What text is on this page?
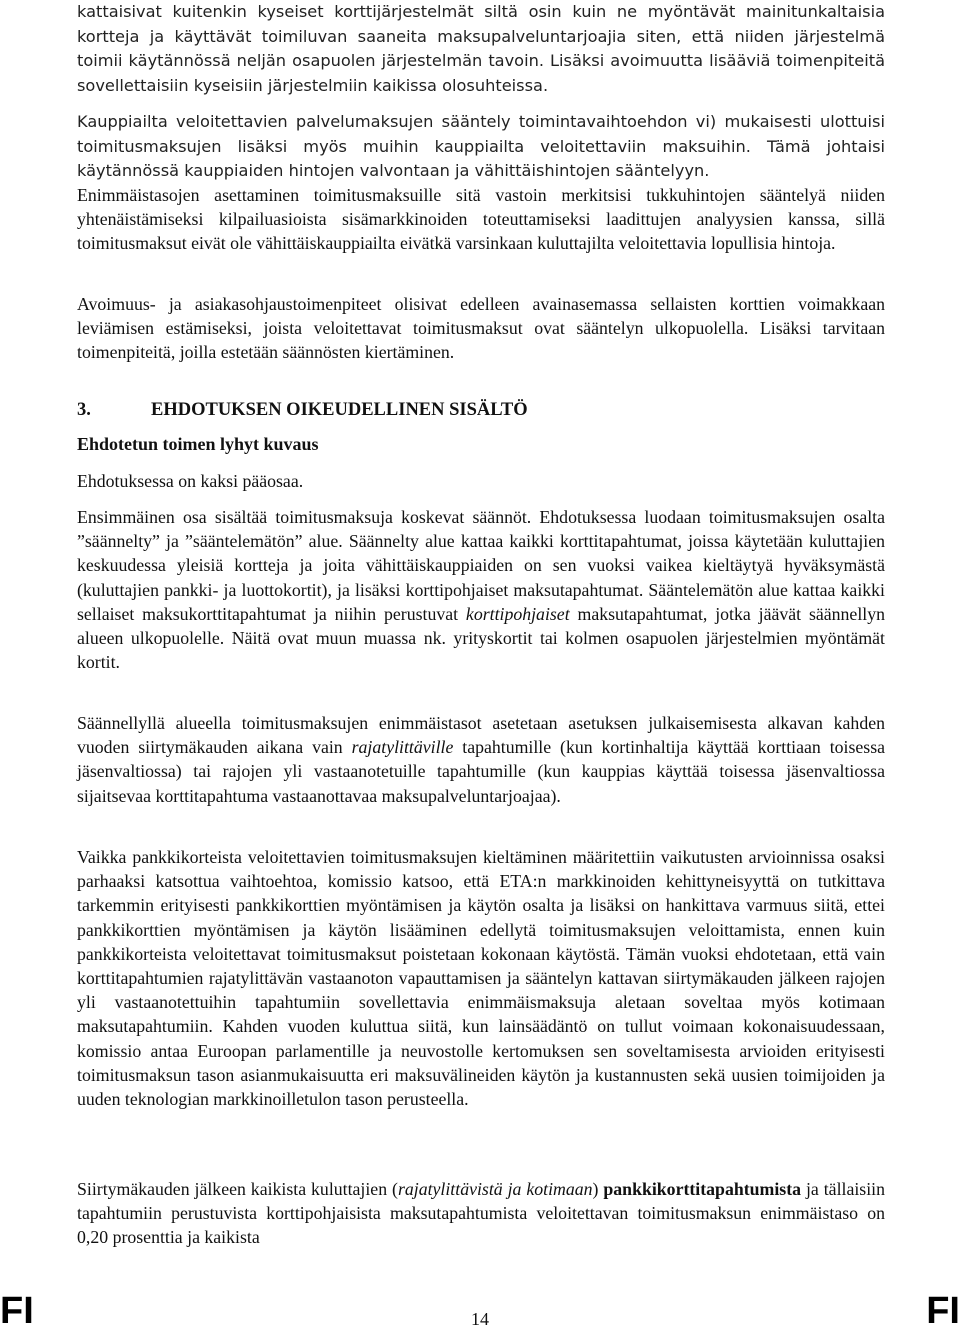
kattaisivat kuitenkin kyseiset korttijärjestelmät siltä osin kuin ne myöntävät mainitunkaltaisia kortteja ja käyttävät toimiluvan saaneita maksupalveluntarjoajia siten, että niiden järjestelmä toimii käytännössä neljän osapuolen järjestelmän tavoin. Lisäksi avoimuutta lisääviä toimenpiteitä sovellettaisiin kyseisiin järjestelmiin kaikissa olosuhteissa.

Kauppiailta veloitettavien palvelumaksujen sääntely toimintavaihtoehdon vi) mukaisesti ulottuisi toimitusmaksujen lisäksi myös muihin kauppiailta veloitettaviin maksuihin. Tämä johtaisi käytännössä kauppiaiden hintojen valvontaan ja vähittäishintojen sääntelyyn.

Enimmäistasojen asettaminen toimitusmaksuille sitä vastoin merkitsisi tukkuhintojen sääntelyä niiden yhtenäistämiseksi kilpailuasioista sisämarkkinoiden toteuttamiseksi laadittujen analyysien kanssa, sillä toimitusmaksut eivät ole vähittäiskauppiailta eivätkä varsinkaan kuluttajilta veloitettavia lopullisia hintoja.

Avoimuus- ja asiakasohjaustoimenpiteet olisivat edelleen avainasemassa sellaisten korttien voimakkaan leviämisen estämiseksi, joista veloitettavat toimitusmaksut ovat sääntelyn ulkopuolella. Lisäksi tarvitaan toimenpiteitä, joilla estetään säännösten kiertäminen.

3.	EHDOTUKSEN OIKEUDELLINEN SISÄLTÖ

Ehdotetun toimen lyhyt kuvaus

Ehdotuksessa on kaksi pääosaa.

Ensimmäinen osa sisältää toimitusmaksuja koskevat säännöt. Ehdotuksessa luodaan toimitusmaksujen osalta ”säännelty” ja ”sääntelemätön” alue. Säännelty alue kattaa kaikki korttitapahtumat, joissa käytetään kuluttajien keskuudessa yleisiä kortteja ja joita vähittäiskauppiaiden on sen vuoksi vaikea kieltäytyä hyväksymästä (kuluttajien pankki- ja luottokortit), ja lisäksi korttipohjaiset maksutapahtumat. Sääntelemätön alue kattaa kaikki sellaiset maksukorttitapahtumat ja niihin perustuvat korttipohjaiset maksutapahtumat, jotka jäävät säännellyn alueen ulkopuolelle. Näitä ovat muun muassa nk. yrityskortit tai kolmen osapuolen järjestelmien myöntämät kortit.

Säännellyllä alueella toimitusmaksujen enimmäistasot asetetaan asetuksen julkaisemisesta alkavan kahden vuoden siirtymäkauden aikana vain rajatylittäville tapahtumille (kun kortinhaltija käyttää korttiaan toisessa jäsenvaltiossa) tai rajojen yli vastaanotetuille tapahtumille (kun kauppias käyttää toisessa jäsenvaltiossa sijaitsevaa korttitapahtuma vastaanottavaa maksupalveluntarjoajaa).

Vaikka pankkikorteista veloitettavien toimitusmaksujen kieltäminen määritettiin vaikutusten arvioinnissa osaksi parhaaksi katsottua vaihtoehtoa, komissio katsoo, että ETA:n markkinoiden kehittyneisyyttä on tutkittava tarkemmin erityisesti pankkikorttien myöntämisen ja käytön osalta ja lisäksi on hankittava varmuus siitä, ettei pankkikorttien myöntämisen ja käytön lisääminen edellytä toimitusmaksujen veloittamista, ennen kuin pankkikorteista veloitettavat toimitusmaksut poistetaan kokonaan käytöstä. Tämän vuoksi ehdotetaan, että vain korttitapahtumien rajatylittävän vastaanoton vapauttamisen ja sääntelyn kattavan siirtymäkauden jälkeen rajojen yli vastaanotettuihin tapahtumiin sovellettavia enimmäismaksuja aletaan soveltaa myös kotimaan maksutapahtumiin. Kahden vuoden kuluttua siitä, kun lainsäädäntö on tullut voimaan kokonaisuudessaan, komissio antaa Euroopan parlamentille ja neuvostolle kertomuksen sen soveltamisesta arvioiden erityisesti toimitusmaksun tason asianmukaisuutta eri maksuvälineiden käytön ja kustannusten sekä uusien toimijoiden ja uuden teknologian markkinoilletulon tason perusteella.

Siirtymäkauden jälkeen kaikista kuluttajien (rajatylittävistä ja kotimaan) pankkikorttitapahtumista ja tällaisiin tapahtumiin perustuvista korttipohjaisista maksutapahtumista veloitettavan toimitusmaksun enimmäistaso on 0,20 prosenttia ja kaikista

FI	14	FI
